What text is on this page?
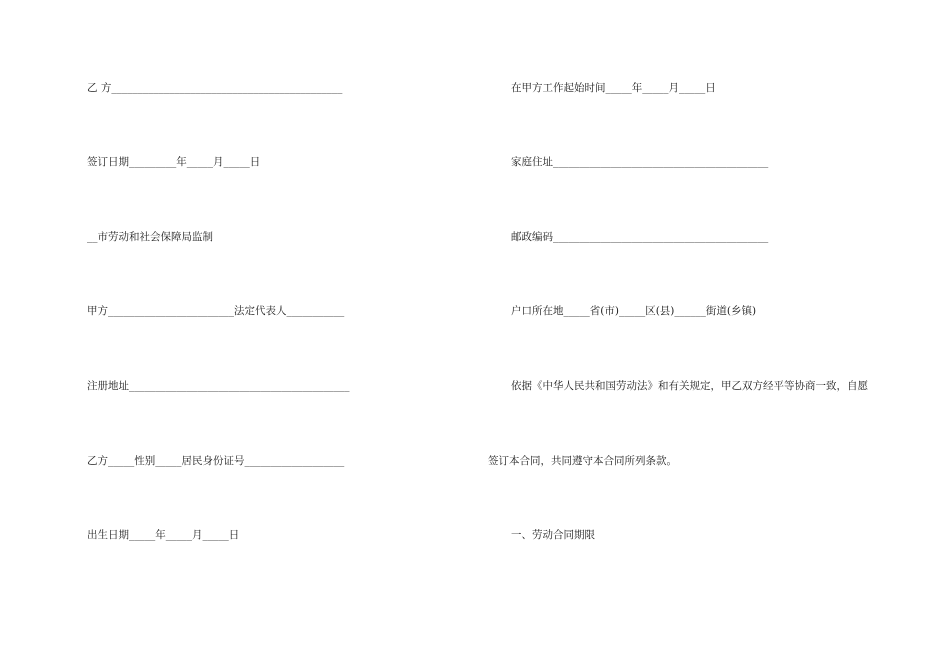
乙 方____________________________________________
签订日期_________年_____月_____日
__市劳动和社会保障局监制
甲方________________________法定代表人___________
注册地址__________________________________________
乙方_____性别_____居民身份证号___________________
出生日期_____年_____月_____日
在甲方工作起始时间_____年_____月_____日
家庭住址_________________________________________
邮政编码_________________________________________
户口所在地_____省(市)_____区(县)______街道(乡镇)
依据《中华人民共和国劳动法》和有关规定，甲乙双方经平等协商一致，自愿
签订本合同，共同遵守本合同所列条款。
一、劳动合同期限
